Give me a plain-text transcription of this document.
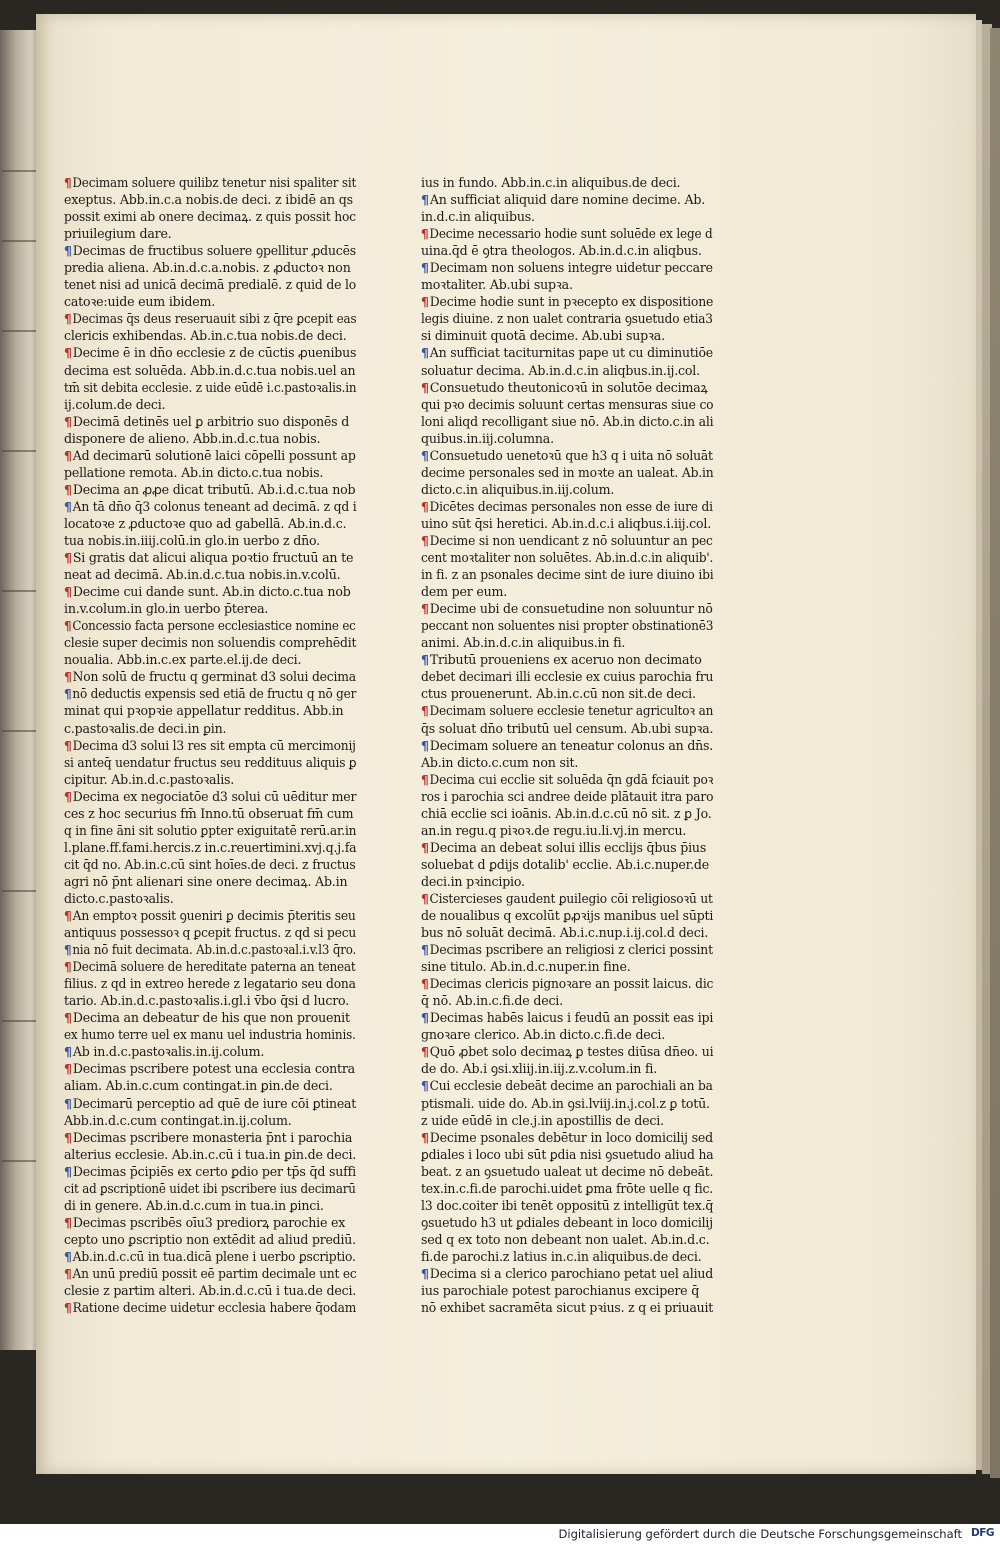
¶Decimam soluere quilibz tenetur nisi spaliter sit
exeptus. Abb.in.c.a nobis.de deci. z ibidē an qs
possit eximi ab onere decimaꝝ. z quis possit hoc
priuilegium dare.
¶Decimas de fructibus soluere ꝯpellitur ꝓducēs
predia aliena. Ab.in.d.c.a.nobis. z ꝓductoꝛ non
tenet nisi ad unicā decimā predialē. z quid de lo
catoꝛe:uide eum ibidem.
¶Decimas q̄s deus reseruauit sibi z q̄re ꝑcepit eas
clericis exhibendas. Ab.in.c.tua nobis.de deci.
¶Decime ē in dn̄o ecclesie z de cūctis ꝓuenibus
decima est soluēda. Abb.in.d.c.tua nobis.uel an
tm̄ sit debita ecclesie. z uide eūdē i.c.pastoꝛalis.in
ij.colum.de deci.
¶Decimā detinēs uel ꝑ arbitrio suo disponēs d
disponere de alieno. Abb.in.d.c.tua nobis.
¶Ad decimarū solutionē laici cōpelli possunt ap
pellatione remota. Ab.in dicto.c.tua nobis.
¶Decima an ꝓꝓe dicat tributū. Ab.i.d.c.tua nob
¶An tā dn̄o q̄3 colonus teneant ad decimā. z qd i
locatoꝛe z ꝓductoꝛe quo ad gabellā. Ab.in.d.c.
tua nobis.in.iiij.colū.in glo.in uerbo z dn̄o.
¶Si gratis dat alicui aliqua poꝛtio fructuū an te
neat ad decimā. Ab.in.d.c.tua nobis.in.v.colū.
¶Decime cui dande sunt. Ab.in dicto.c.tua nob
in.v.colum.in glo.in uerbo p̄terea.
¶Concessio facta persone ecclesiastice nomine ec
clesie super decimis non soluendis comprehēdit
noualia. Abb.in.c.ex parte.el.ij.de deci.
¶Non solū de fructu q germinat d3 solui decima
¶nō deductis expensis sed etiā de fructu q nō ger
minat qui pꝛopꝛie appellatur redditus. Abb.in
c.pastoꝛalis.de deci.in ꝑin.
¶Decima d3 solui l3 res sit empta cū mercimonij
si anteq̄ uendatur fructus seu reddituus aliquis ꝑ
cipitur. Ab.in.d.c.pastoꝛalis.
¶Decima ex negociatōe d3 solui cū uēditur mer
ces z hoc securius fm̄ Inno.tū obseruat fm̄ cum
q in fine āni sit solutio ꝑpter exiguitatē rerū.ar.in
l.plane.ff.fami.hercis.z in.c.reuertimini.xvj.q.j.fa
cit q̄d no. Ab.in.c.cū sint hoīes.de deci. z fructus
agri nō p̄nt alienari sine onere decimaꝝ. Ab.in
dicto.c.pastoꝛalis.
¶An emptoꝛ possit ꝯueniri ꝑ decimis p̄teritis seu
antiquus possessoꝛ q ꝑcepit fructus. z qd si pecu
¶nia nō fuit decimata. Ab.in.d.c.pastoꝛal.i.v.l3 q̄ro.
¶Decimā soluere de hereditate paterna an teneat
filius. z qd in extreo herede z legatario seu dona
tario. Ab.in.d.c.pastoꝛalis.i.gl.i v̄bo q̄si d lucro.
¶Decima an debeatur de his que non prouenit
ex humo terre uel ex manu uel industria hominis.
¶Ab in.d.c.pastoꝛalis.in.ij.colum.
¶Decimas pscribere potest una ecclesia contra
aliam. Ab.in.c.cum contingat.in ꝑin.de deci.
¶Decimarū perceptio ad quē de iure cōi ꝑtineat
Abb.in.d.c.cum contingat.in.ij.colum.
¶Decimas pscribere monasteria p̄nt i parochia
alterius ecclesie. Ab.in.c.cū i tua.in ꝑin.de deci.
¶Decimas p̄cipiēs ex certo ꝑdio per tp̄s q̄d suffi
cit ad ꝑscriptionē uidet ibi pscribere ius decimarū
di in genere. Ab.in.d.c.cum in tua.in ꝑinci.
¶Decimas pscribēs oīu3 prediorꝝ parochie ex
cepto uno ꝑscriptio non extēdit ad aliud prediū.
¶Ab.in.d.c.cū in tua.dicā plene i uerbo ꝑscriptio.
¶An unū prediū possit eē partim decimale unt ec
clesie z partim alteri. Ab.in.d.c.cū i tua.de deci.
¶Ratione decime uidetur ecclesia habere q̄odam
ius in fundo. Abb.in.c.in aliquibus.de deci.
¶An sufficiat aliquid dare nomine decime. Ab.
in.d.c.in aliquibus.
¶Decime necessario hodie sunt soluēde ex lege d
uina.q̄d ē ꝯtra theologos. Ab.in.d.c.in aliqbus.
¶Decimam non soluens integre uidetur peccare
moꝛtaliter. Ab.ubi supꝛa.
¶Decime hodie sunt in pꝛecepto ex dispositione
legis diuine. z non ualet contraria ꝯsuetudo etia3
si diminuit quotā decime. Ab.ubi supꝛa.
¶An sufficiat taciturnitas pape ut cu diminutiōe
soluatur decima. Ab.in.d.c.in aliqbus.in.ij.col.
¶Consuetudo theutonicoꝛū in solutōe decimaꝝ
qui pꝛo decimis soluunt certas mensuras siue co
loni aliqd recolligant siue nō. Ab.in dicto.c.in ali
quibus.in.iij.columna.
¶Consuetudo uenetoꝛū que h3 q i uita nō soluāt
decime personales sed in moꝛte an ualeat. Ab.in
dicto.c.in aliquibus.in.iij.colum.
¶Dicētes decimas personales non esse de iure di
uino sūt q̄si heretici. Ab.in.d.c.i aliqbus.i.iij.col.
¶Decime si non uendicant z nō soluuntur an pec
cent moꝛtaliter non soluētes. Ab.in.d.c.in aliquib'.
in fi. z an psonales decime sint de iure diuino ibi
dem per eum.
¶Decime ubi de consuetudine non soluuntur nō
peccant non soluentes nisi propter obstinationē3
animi. Ab.in.d.c.in aliquibus.in fi.
¶Tributū proueniens ex aceruo non decimato
debet decimari illi ecclesie ex cuius parochia fru
ctus prouenerunt. Ab.in.c.cū non sit.de deci.
¶Decimam soluere ecclesie tenetur agricultoꝛ an
q̄s soluat dn̄o tributū uel censum. Ab.ubi supꝛa.
¶Decimam soluere an teneatur colonus an dn̄s.
Ab.in dicto.c.cum non sit.
¶Decima cui ecclie sit soluēda q̄n gdā fciauit poꝛ
ros i parochia sci andree deide plātauit itra paro
chiā ecclie sci ioānis. Ab.in.d.c.cū nō sit. z ꝑ Jo.
an.in regu.q piꝛoꝛ.de regu.iu.li.vj.in mercu.
¶Decima an debeat solui illis ecclijs q̄bus p̄ius
soluebat d ꝑdijs dotalib' ecclie. Ab.i.c.nuper.de
deci.in pꝛincipio.
¶Cistercieses gaudent ꝑuilegio cōi religiosoꝛū ut
de noualibus q excolūt ꝑꝓꝛijs manibus uel sūpti
bus nō soluāt decimā. Ab.i.c.nup.i.ij.col.d deci.
¶Decimas pscribere an religiosi z clerici possint
sine titulo. Ab.in.d.c.nuper.in fine.
¶Decimas clericis pignoꝛare an possit laicus. dic
q̄ nō. Ab.in.c.fi.de deci.
¶Decimas habēs laicus i feudū an possit eas ipi
gnoꝛare clerico. Ab.in dicto.c.fi.de deci.
¶Quō ꝓbet solo decimaꝝ ꝑ testes diūsa dn̄eo. ui
de do. Ab.i ꝯsi.xliij.in.iij.z.v.colum.in fi.
¶Cui ecclesie debeāt decime an parochiali an ba
ptismali. uide do. Ab.in ꝯsi.lviij.in.j.col.z ꝑ totū.
z uide eūdē in cle.j.in apostillis de deci.
¶Decime psonales debētur in loco domicilij sed
ꝑdiales i loco ubi sūt ꝑdia nisi ꝯsuetudo aliud ha
beat. z an ꝯsuetudo ualeat ut decime nō debeāt.
tex.in.c.fi.de parochi.uidet ꝑma frōte uelle q fic.
l3 doc.coiter ibi tenēt oppositū z intelligūt tex.q̄
ꝯsuetudo h3 ut ꝑdiales debeant in loco domicilij
sed q ex toto non debeant non ualet. Ab.in.d.c.
fi.de parochi.z latius in.c.in aliquibus.de deci.
¶Decima si a clerico parochiano petat uel aliud
ius parochiale potest parochianus excipere q̄
nō exhibet sacramēta sicut pꝛius. z q ei priuauit
Digitalisierung gefördert durch die Deutsche Forschungsgemeinschaft DFG
